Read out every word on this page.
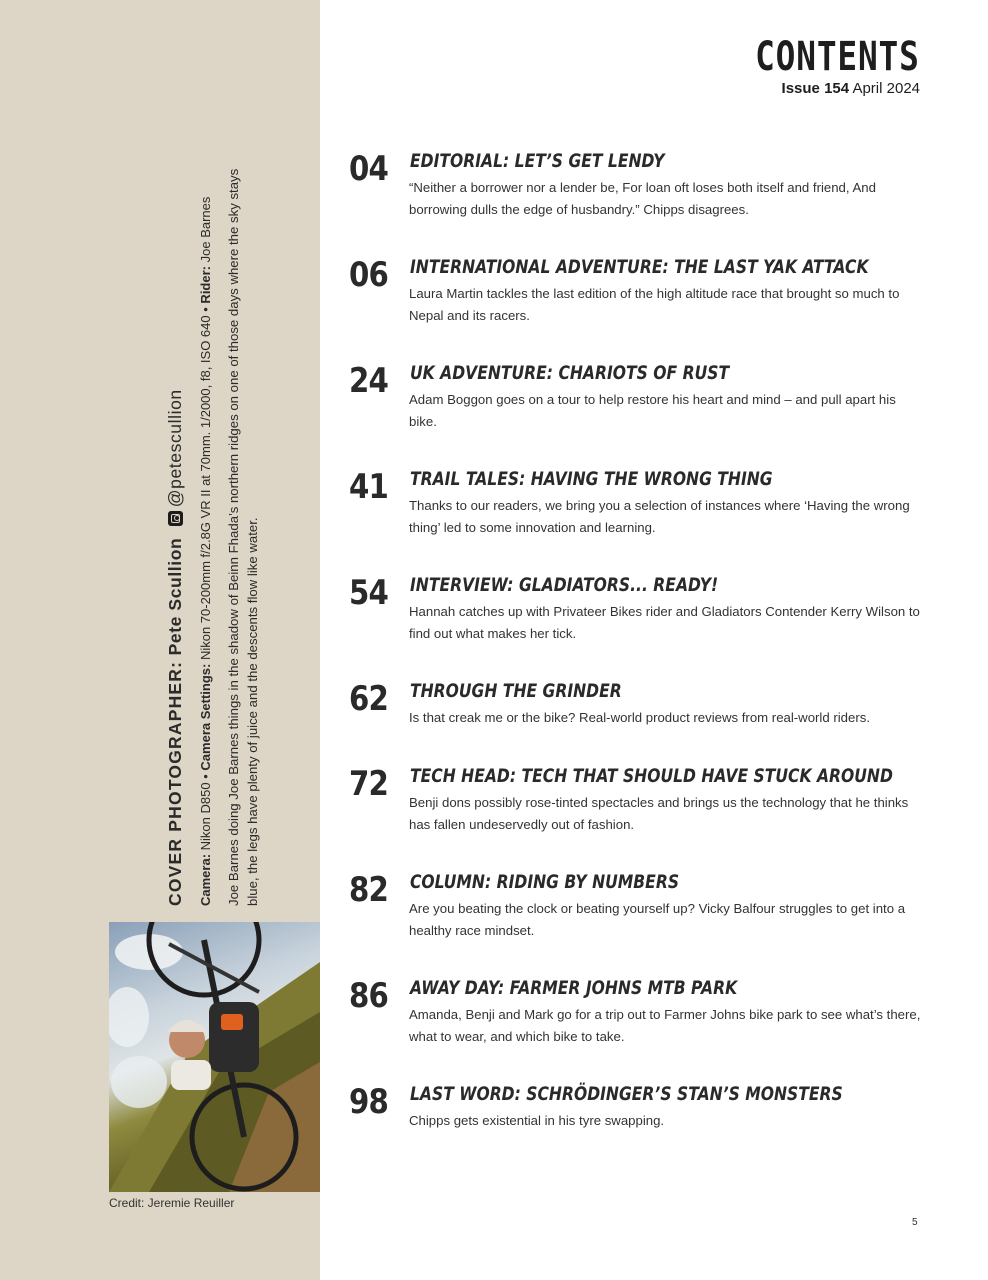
COVER PHOTOGRAPHER: Pete Scullion @petescullion
Camera: Nikon D850 • Camera Settings: Nikon 70-200mm f/2.8G VR II at 70mm. 1/2000, f8, ISO 640 • Rider: Joe Barnes Joe Barnes doing Joe Barnes things in the shadow of Beinn Fhada’s northern ridges on one of those days where the sky stays blue, the legs have plenty of juice and the descents flow like water.
Credit: Jeremie Reuiller
CONTENTS
Issue 154 April 2024
04 EDITORIAL: LET’S GET LENDY
“Neither a borrower nor a lender be, For loan oft loses both itself and friend, And borrowing dulls the edge of husbandry.” Chipps disagrees.
06 INTERNATIONAL ADVENTURE: THE LAST YAK ATTACK
Laura Martin tackles the last edition of the high altitude race that brought so much to Nepal and its racers.
24 UK ADVENTURE: CHARIOTS OF RUST
Adam Boggon goes on a tour to help restore his heart and mind – and pull apart his bike.
41 TRAIL TALES: HAVING THE WRONG THING
Thanks to our readers, we bring you a selection of instances where ‘Having the wrong thing’ led to some innovation and learning.
54 INTERVIEW: GLADIATORS... READY!
Hannah catches up with Privateer Bikes rider and Gladiators Contender Kerry Wilson to find out what makes her tick.
62 THROUGH THE GRINDER
Is that creak me or the bike? Real-world product reviews from real-world riders.
72 TECH HEAD: TECH THAT SHOULD HAVE STUCK AROUND
Benji dons possibly rose-tinted spectacles and brings us the technology that he thinks has fallen undeservedly out of fashion.
82 COLUMN: RIDING BY NUMBERS
Are you beating the clock or beating yourself up? Vicky Balfour struggles to get into a healthy race mindset.
86 AWAY DAY: FARMER JOHNS MTB PARK
Amanda, Benji and Mark go for a trip out to Farmer Johns bike park to see what’s there, what to wear, and which bike to take.
98 LAST WORD: SCHRÖDINGER’S STAN’S MONSTERS
Chipps gets existential in his tyre swapping.
5
